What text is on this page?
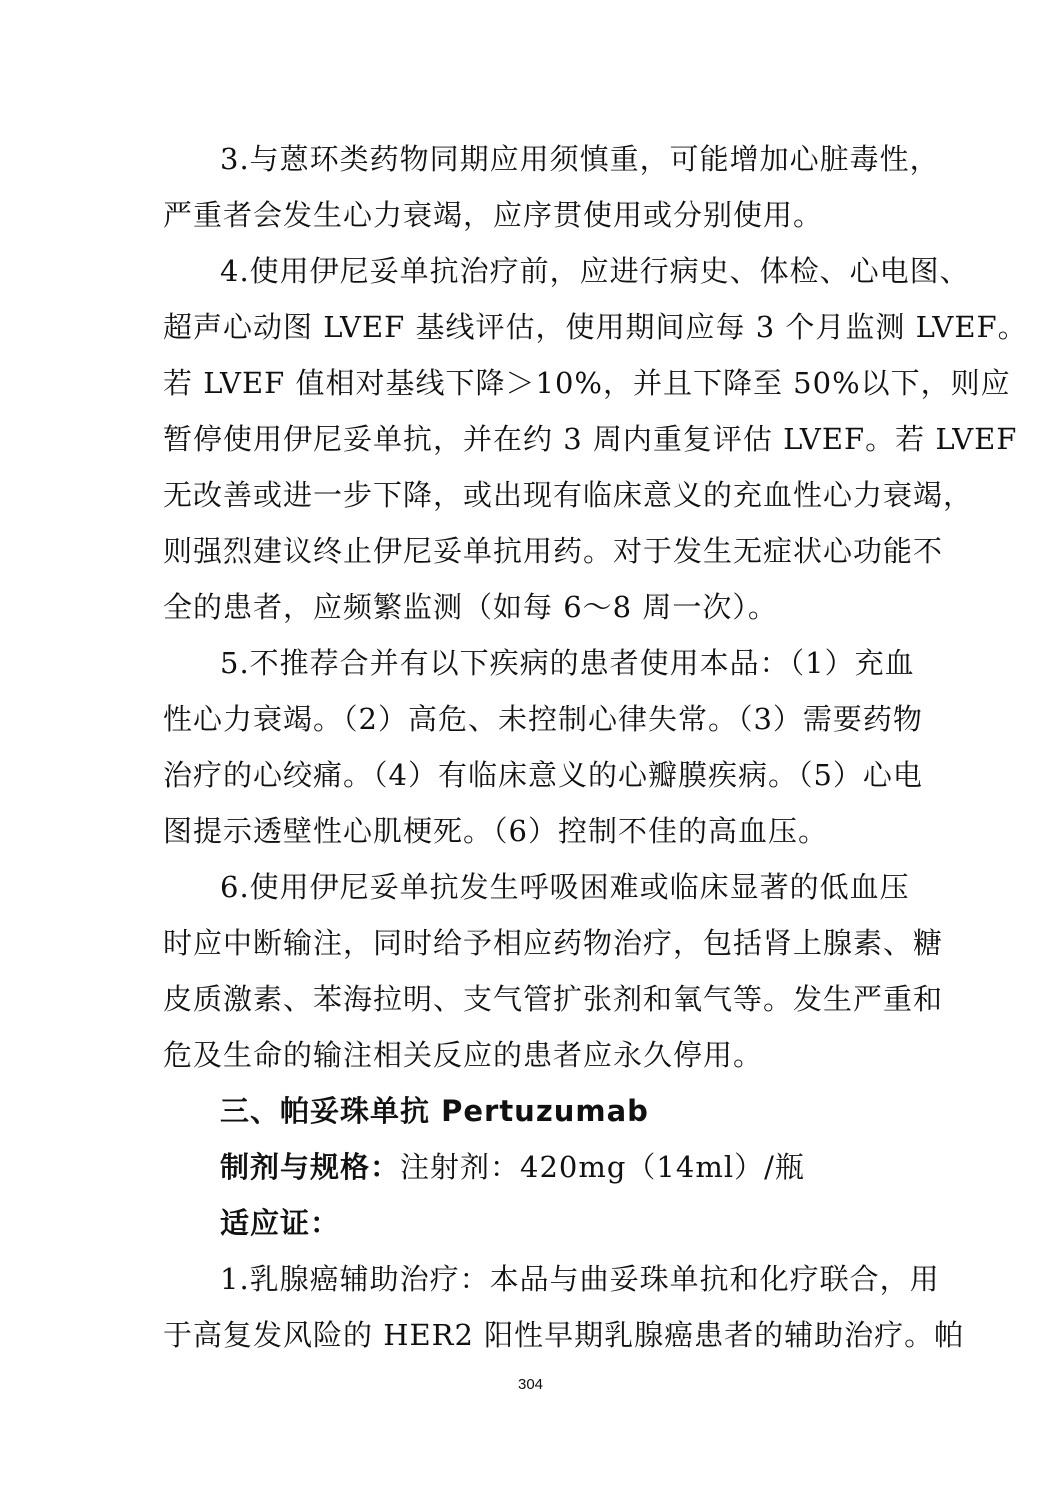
3.与蒽环类药物同期应用须慎重，可能增加心脏毒性，
严重者会发生心力衰竭，应序贯使用或分别使用。
4.使用伊尼妥单抗治疗前，应进行病史、体检、心电图、
超声心动图 LVEF 基线评估，使用期间应每 3 个月监测 LVEF。
若 LVEF 值相对基线下降＞10%，并且下降至 50%以下，则应
暂停使用伊尼妥单抗，并在约 3 周内重复评估 LVEF。若 LVEF
无改善或进一步下降，或出现有临床意义的充血性心力衰竭，
则强烈建议终止伊尼妥单抗用药。对于发生无症状心功能不
全的患者，应频繁监测（如每 6～8 周一次）。
5.不推荐合并有以下疾病的患者使用本品：（1）充血
性心力衰竭。（2）高危、未控制心律失常。（3）需要药物
治疗的心绞痛。（4）有临床意义的心瓣膜疾病。（5）心电
图提示透壁性心肌梗死。（6）控制不佳的高血压。
6.使用伊尼妥单抗发生呼吸困难或临床显著的低血压
时应中断输注，同时给予相应药物治疗，包括肾上腺素、糖
皮质激素、苯海拉明、支气管扩张剂和氧气等。发生严重和
危及生命的输注相关反应的患者应永久停用。
三、帕妥珠单抗 Pertuzumab
制剂与规格：注射剂：420mg（14ml）/瓶
适应证：
1.乳腺癌辅助治疗：本品与曲妥珠单抗和化疗联合，用
于高复发风险的 HER2 阳性早期乳腺癌患者的辅助治疗。帕
304
